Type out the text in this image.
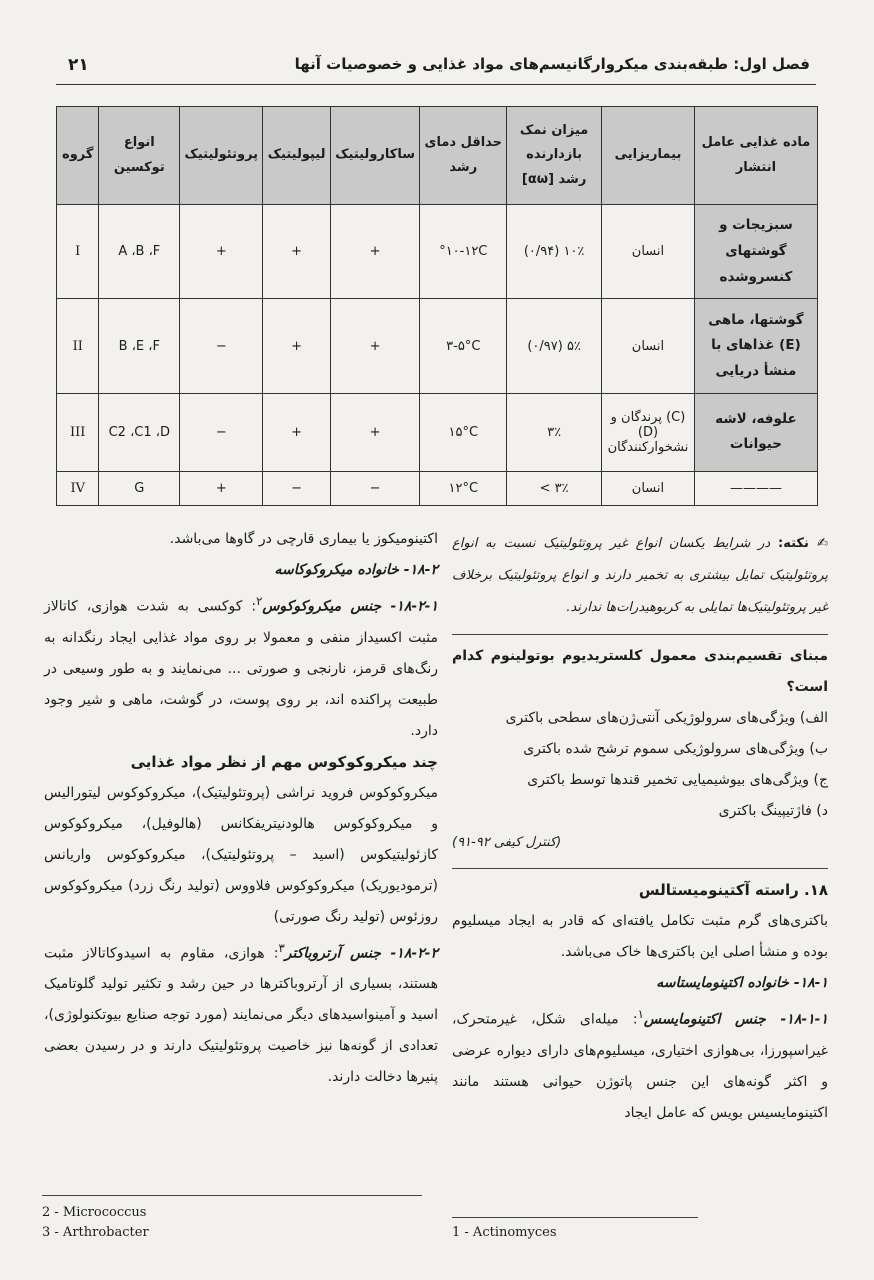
فصل اول: طبقه‌بندی میکروارگانیسم‌های مواد غذایی و خصوصیات آنها
۲۱
ماده غذایی عامل انتشار	بیماریزایی	میزان نمک بازدارنده رشد [αω]	حداقل دمای رشد	ساکارولیتیک	لیپولیتیک	پروتئولیتیک	انواع توکسین	گروه
سبزیجات و گوشتهای کنسروشده	انسان	۱۰٪ (۰/۹۴)	۱۰-۱۲C°	+	+	+	A ،B ،F	I
گوشتها، ماهی (E) غذاهای با منشأ دریایی	انسان	۵٪ (۰/۹۷)	۳-۵°C	+	+	−	B ،E ،F	II
علوفه، لاشه حیوانات	(C) پرندگان و (D) نشخوارکنندگان	۳٪	۱۵°C	+	+	−	C2 ،C1 ،D	III
————	انسان	۳٪ >	۱۲°C	−	−	+	G	IV

✍ نکته: در شرایط یکسان انواع غیر پروتئولیتیک نسبت به انواع پروتئولیتیک تمایل بیشتری به تخمیر دارند و انواع پروتئولیتیک برخلاف غیر پروتئولیتیک‌ها تمایلی به کربوهیدرات‌ها ندارند.

مبنای تقسیم‌بندی معمول کلستریدیوم بوتولینوم کدام است؟

الف) ویژگی‌های سرولوژیکی آنتی‌ژن‌های سطحی باکتری

ب) ویژگی‌های سرولوژیکی سموم ترشح شده باکتری

ج) ویژگی‌های بیوشیمیایی تخمیر قندها توسط باکتری

د) فاژتیپینگ باکتری

(کنترل کیفی ۹۲-۹۱)

۱۸. راسته آکتینومیستالس

باکتری‌های گرم مثبت تکامل یافته‌ای که قادر به ایجاد میسلیوم بوده و منشأ اصلی این باکتری‌ها خاک می‌باشد.

۱۸-۱- خانواده اکتینومایستاسه

۱۸-۱-۱- جنس اکتینومایسس$^۱$: میله‌ای شکل، غیرمتحرک، غیراسپورزا، بی‌هوازی اختیاری، میسلیوم‌های دارای دیواره عرضی و اکثر گونه‌های این جنس پاتوژن حیوانی هستند مانند اکتینومایسیس بویس که عامل ایجاد

اکتینومیکوز یا بیماری قارچی در گاوها می‌باشد.

۱۸-۲- خانواده میکروکوکاسه

۱۸-۲-۱- جنس میکروکوکوس$^۲$: کوکسی به شدت هوازی، کاتالاز مثبت اکسیداز منفی و معمولا بر روی مواد غذایی ایجاد رنگدانه به رنگ‌های قرمز، نارنجی و صورتی ... می‌نمایند و به طور وسیعی در طبیعت پراکنده اند، بر روی پوست، در گوشت، ماهی و شیر وجود دارد.

چند میکروکوکوس مهم از نظر مواد غذایی

میکروکوکوس فروید نراشی (پروتئولیتیک)، میکروکوکوس لیتورالیس و میکروکوکوس هالودنیتریفکانس (هالوفیل)، میکروکوکوس کازئولیتیکوس (اسید – پروتئولیتیک)، میکروکوکوس واریانس (ترمودیوریک) میکروکوکوس فلاووس (تولید رنگ زرد) میکروکوکوس روزئوس (تولید رنگ صورتی)

۱۸-۲-۲- جنس آرتروباکتر$^۳$: هوازی، مقاوم به اسیدوکاتالاز مثبت هستند، بسیاری از آرتروباکترها در حین رشد و تکثیر تولید گلوتامیک اسید و آمینواسیدهای دیگر می‌نمایند (مورد توجه صنایع بیوتکنولوژی)، تعدادی از گونه‌ها نیز خاصیت پروتئولیتیک دارند و در رسیدن بعضی پنیرها دخالت دارند.

2 - Micrococcus
3 - Arthrobacter	1 - Actinomyces
